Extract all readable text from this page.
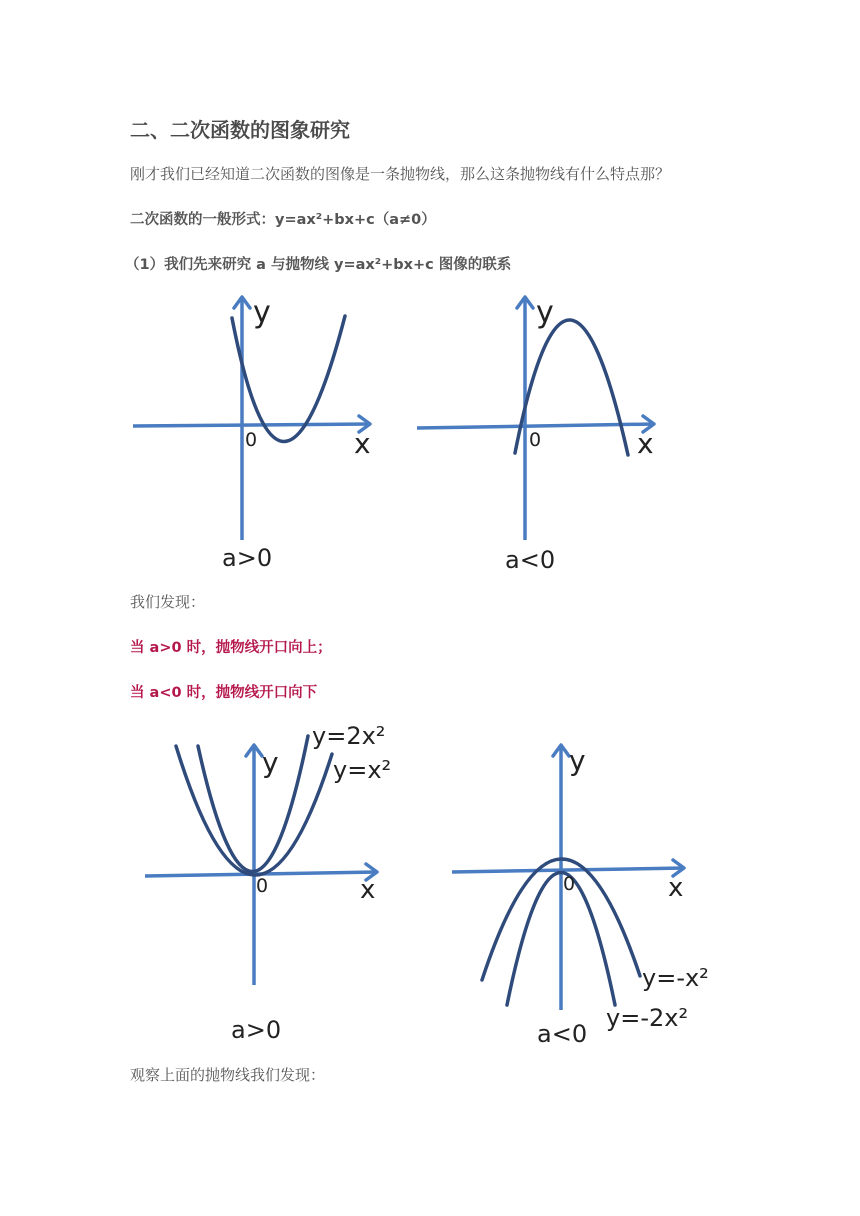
二、二次函数的图象研究

刚才我们已经知道二次函数的图像是一条抛物线，那么这条抛物线有什么特点那？

二次函数的一般形式：y=ax²+bx+c（a≠0）

（1）我们先来研究 a 与抛物线 y=ax²+bx+c 图像的联系

y
x
0
a>0
y
x
0
a<0

我们发现：

当 a>0 时，抛物线开口向上；

当 a<0 时，抛物线开口向下

y
x
0
y=2x²
y=x²
a>0
y
x
0
y=-x²
y=-2x²
a<0

观察上面的抛物线我们发现：
